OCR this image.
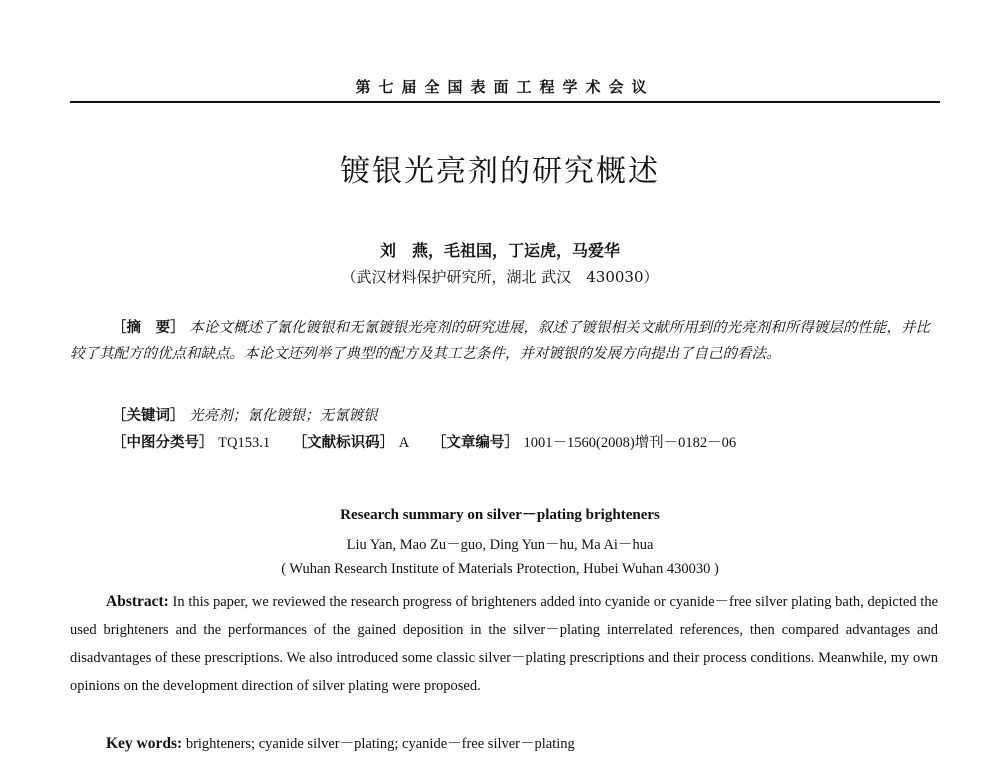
第七届全国表面工程学术会议
镀银光亮剂的研究概述
刘　燕，毛祖国，丁运虎，马爱华
（武汉材料保护研究所，湖北 武汉　430030）
［摘　要］ 本论文概述了氰化镀银和无氰镀银光亮剂的研究进展，叙述了镀银相关文献所用到的光亮剂和所得镀层的性能，并比较了其配方的优点和缺点。本论文还列举了典型的配方及其工艺条件，并对镀银的发展方向提出了自己的看法。
［关键词］ 光亮剂；氰化镀银；无氰镀银
［中图分类号］ TQ153.1 ［文献标识码］ A ［文章编号］ 1001－1560(2008)增刊－0182－06
Research summary on silver－plating brighteners
Liu Yan, Mao Zu－guo, Ding Yun－hu, Ma Ai－hua
( Wuhan Research Institute of Materials Protection, Hubei Wuhan 430030 )
Abstract: In this paper, we reviewed the research progress of brighteners added into cyanide or cyanide－free silver plating bath, depicted the used brighteners and the performances of the gained deposition in the silver－plating interrelated references, then compared advantages and disadvantages of these prescriptions. We also introduced some classic silver－plating prescriptions and their process conditions. Meanwhile, my own opinions on the development direction of silver plating were proposed.
Key words: brighteners; cyanide silver－plating; cyanide－free silver－plating
